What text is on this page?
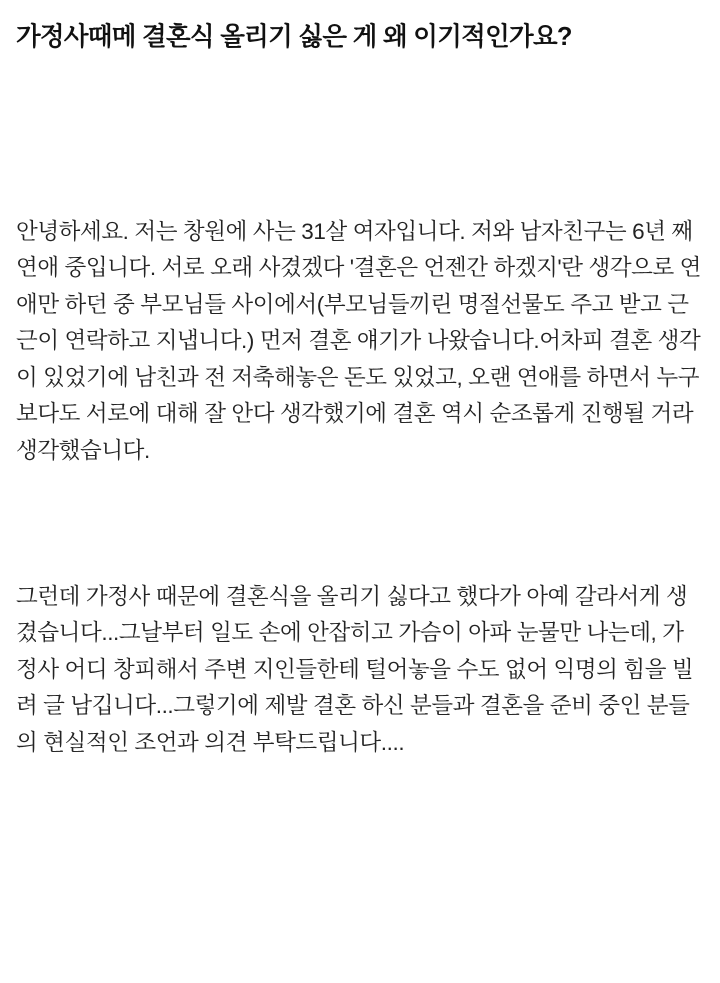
가정사때메 결혼식 올리기 싫은 게 왜 이기적인가요?

안녕하세요. 저는 창원에 사는 31살 여자입니다. 저와 남자친구는 6년 째 연애 중입니다. 서로 오래 사겼겠다 '결혼은 언젠간 하겠지'란 생각으로 연애만 하던 중 부모님들 사이에서(부모님들끼린 명절선물도 주고 받고 근근이 연락하고 지냅니다.) 먼저 결혼 얘기가 나왔습니다.어차피 결혼 생각이 있었기에 남친과 전 저축해놓은 돈도 있었고, 오랜 연애를 하면서 누구보다도 서로에 대해 잘 안다 생각했기에 결혼 역시 순조롭게 진행될 거라 생각했습니다.

그런데 가정사 때문에 결혼식을 올리기 싫다고 했다가 아예 갈라서게 생겼습니다...그날부터 일도 손에 안잡히고 가슴이 아파 눈물만 나는데, 가정사 어디 창피해서 주변 지인들한테 털어놓을 수도 없어 익명의 힘을 빌려 글 남깁니다...그렇기에 제발 결혼 하신 분들과 결혼을 준비 중인 분들의 현실적인 조언과 의견 부탁드립니다....
